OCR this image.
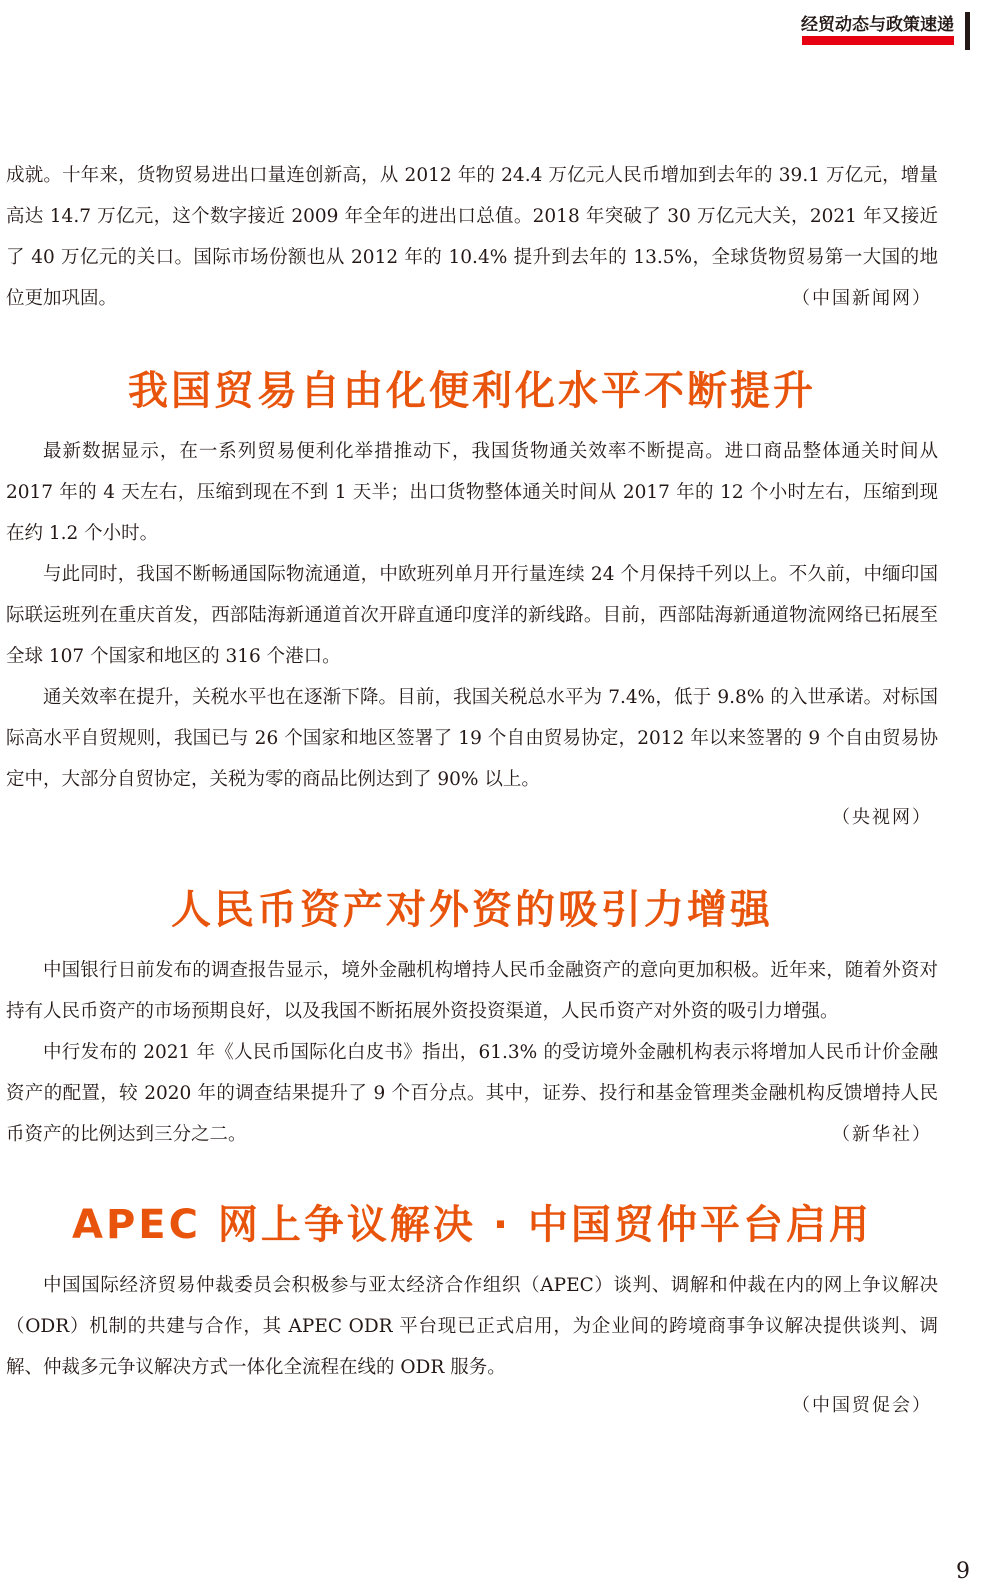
经贸动态与政策速递

成就。十年来，货物贸易进出口量连创新高，从 2012 年的 24.4 万亿元人民币增加到去年的 39.1 万亿元，增量高达 14.7 万亿元，这个数字接近 2009 年全年的进出口总值。2018 年突破了 30 万亿元大关，2021 年又接近了 40 万亿元的关口。国际市场份额也从 2012 年的 10.4% 提升到去年的 13.5%，全球货物贸易第一大国的地位更加巩固。	（中国新闻网）
我国贸易自由化便利化水平不断提升

最新数据显示，在一系列贸易便利化举措推动下，我国货物通关效率不断提高。进口商品整体通关时间从 2017 年的 4 天左右，压缩到现在不到 1 天半；出口货物整体通关时间从 2017 年的 12 个小时左右，压缩到现在约 1.2 个小时。

与此同时，我国不断畅通国际物流通道，中欧班列单月开行量连续 24 个月保持千列以上。不久前，中缅印国际联运班列在重庆首发，西部陆海新通道首次开辟直通印度洋的新线路。目前，西部陆海新通道物流网络已拓展至全球 107 个国家和地区的 316 个港口。

通关效率在提升，关税水平也在逐渐下降。目前，我国关税总水平为 7.4%，低于 9.8% 的入世承诺。对标国际高水平自贸规则，我国已与 26 个国家和地区签署了 19 个自由贸易协定，2012 年以来签署的 9 个自由贸易协定中，大部分自贸协定，关税为零的商品比例达到了 90% 以上。

（央视网）

人民币资产对外资的吸引力增强

中国银行日前发布的调查报告显示，境外金融机构增持人民币金融资产的意向更加积极。近年来，随着外资对持有人民币资产的市场预期良好，以及我国不断拓展外资投资渠道，人民币资产对外资的吸引力增强。

中行发布的 2021 年《人民币国际化白皮书》指出，61.3% 的受访境外金融机构表示将增加人民币计价金融资产的配置，较 2020 年的调查结果提升了 9 个百分点。其中，证券、投行和基金管理类金融机构反馈增持人民币资产的比例达到三分之二。	（新华社）
APEC 网上争议解决 · 中国贸仲平台启用

中国国际经济贸易仲裁委员会积极参与亚太经济合作组织（APEC）谈判、调解和仲裁在内的网上争议解决（ODR）机制的共建与合作，其 APEC ODR 平台现已正式启用，为企业间的跨境商事争议解决提供谈判、调解、仲裁多元争议解决方式一体化全流程在线的 ODR 服务。

（中国贸促会）

9
